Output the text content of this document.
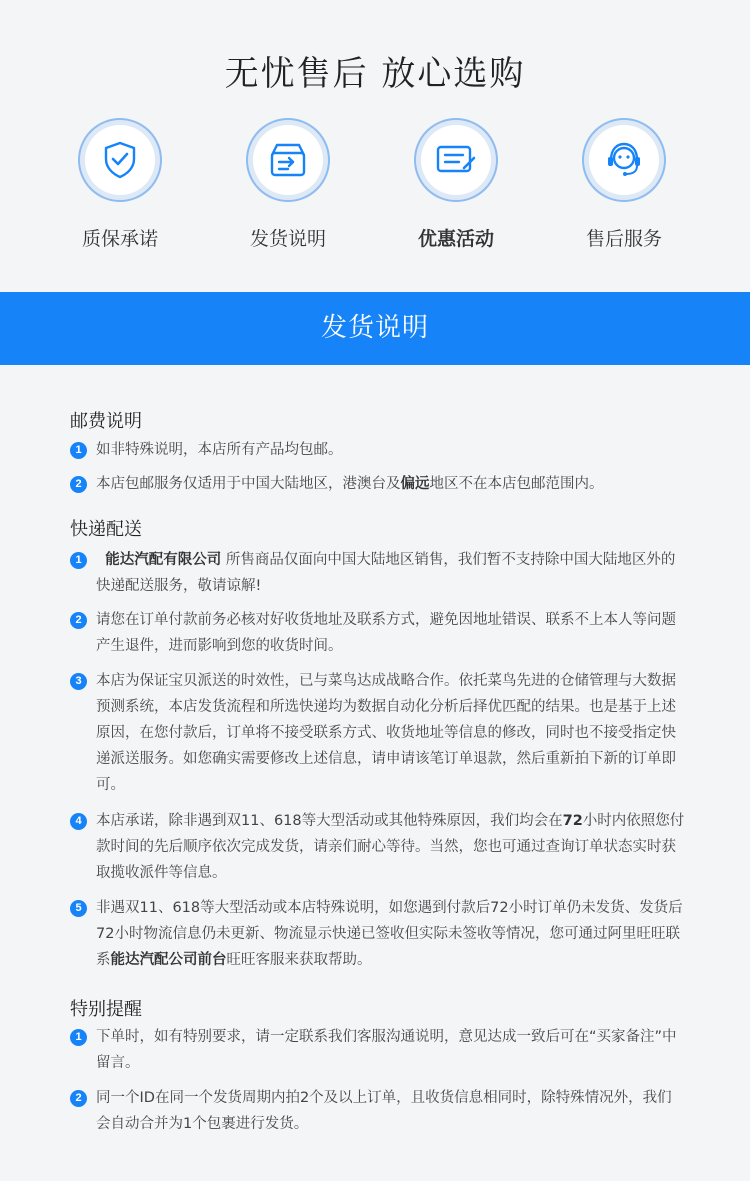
无忧售后 放心选购
质保承诺	发货说明	优惠活动	售后服务
发货说明
邮费说明
1 如非特殊说明，本店所有产品均包邮。
2 本店包邮服务仅适用于中国大陆地区，港澳台及偏远地区不在本店包邮范围内。
快递配送
1	能达汽配有限公司 所售商品仅面向中国大陆地区销售，我们暂不支持除中国大陆地区外的快递配送服务，敬请谅解!
2 请您在订单付款前务必核对好收货地址及联系方式，避免因地址错误、联系不上本人等问题产生退件，进而影响到您的收货时间。
3 本店为保证宝贝派送的时效性，已与菜鸟达成战略合作。依托菜鸟先进的仓储管理与大数据预测系统，本店发货流程和所选快递均为数据自动化分析后择优匹配的结果。也是基于上述原因，在您付款后，订单将不接受联系方式、收货地址等信息的修改，同时也不接受指定快递派送服务。如您确实需要修改上述信息，请申请该笔订单退款，然后重新拍下新的订单即可。
4 本店承诺，除非遇到双11、618等大型活动或其他特殊原因，我们均会在72小时内依照您付款时间的先后顺序依次完成发货，请亲们耐心等待。当然，您也可通过查询订单状态实时获取揽收派件等信息。
5 非遇双11、618等大型活动或本店特殊说明，如您遇到付款后72小时订单仍未发货、发货后72小时物流信息仍未更新、物流显示快递已签收但实际未签收等情况，您可通过阿里旺旺联系能达汽配公司前台旺旺客服来获取帮助。
特别提醒
1 下单时，如有特别要求，请一定联系我们客服沟通说明，意见达成一致后可在“买家备注”中留言。
2 同一个ID在同一个发货周期内拍2个及以上订单，且收货信息相同时，除特殊情况外，我们会自动合并为1个包裹进行发货。
